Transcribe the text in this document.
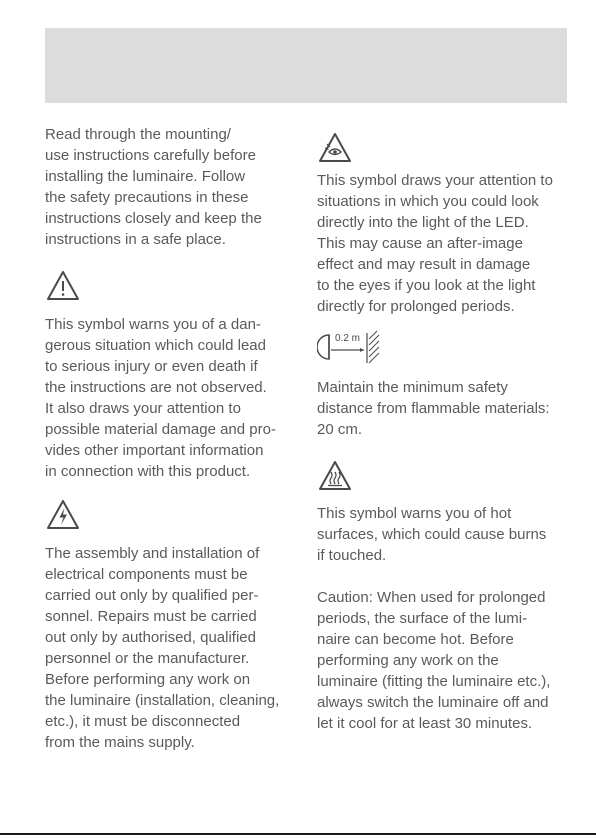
Read through the mounting/
use instructions carefully before
installing the luminaire. Follow
the safety precautions in these
instructions closely and keep the
instructions in a safe place.

This symbol warns you of a dan-
gerous situation which could lead
to serious injury or even death if
the instructions are not observed.
It also draws your attention to
possible material damage and pro-
vides other important information
in connection with this product.

The assembly and installation of
electrical components must be
carried out only by qualified per-
sonnel. Repairs must be carried
out only by authorised, qualified
personnel or the manufacturer.
Before performing any work on
the luminaire (installation, cleaning,
etc.), it must be disconnected
from the mains supply.

This symbol draws your attention to
situations in which you could look
directly into the light of the LED.
This may cause an after-image
effect and may result in damage
to the eyes if you look at the light
directly for prolonged periods.

0.2 m

Maintain the minimum safety
distance from flammable materials:
20 cm.

This symbol warns you of hot
surfaces, which could cause burns
if touched.

Caution: When used for prolonged
periods, the surface of the lumi-
naire can become hot. Before
performing any work on the
luminaire (fitting the luminaire etc.),
always switch the luminaire off and
let it cool for at least 30 minutes.
